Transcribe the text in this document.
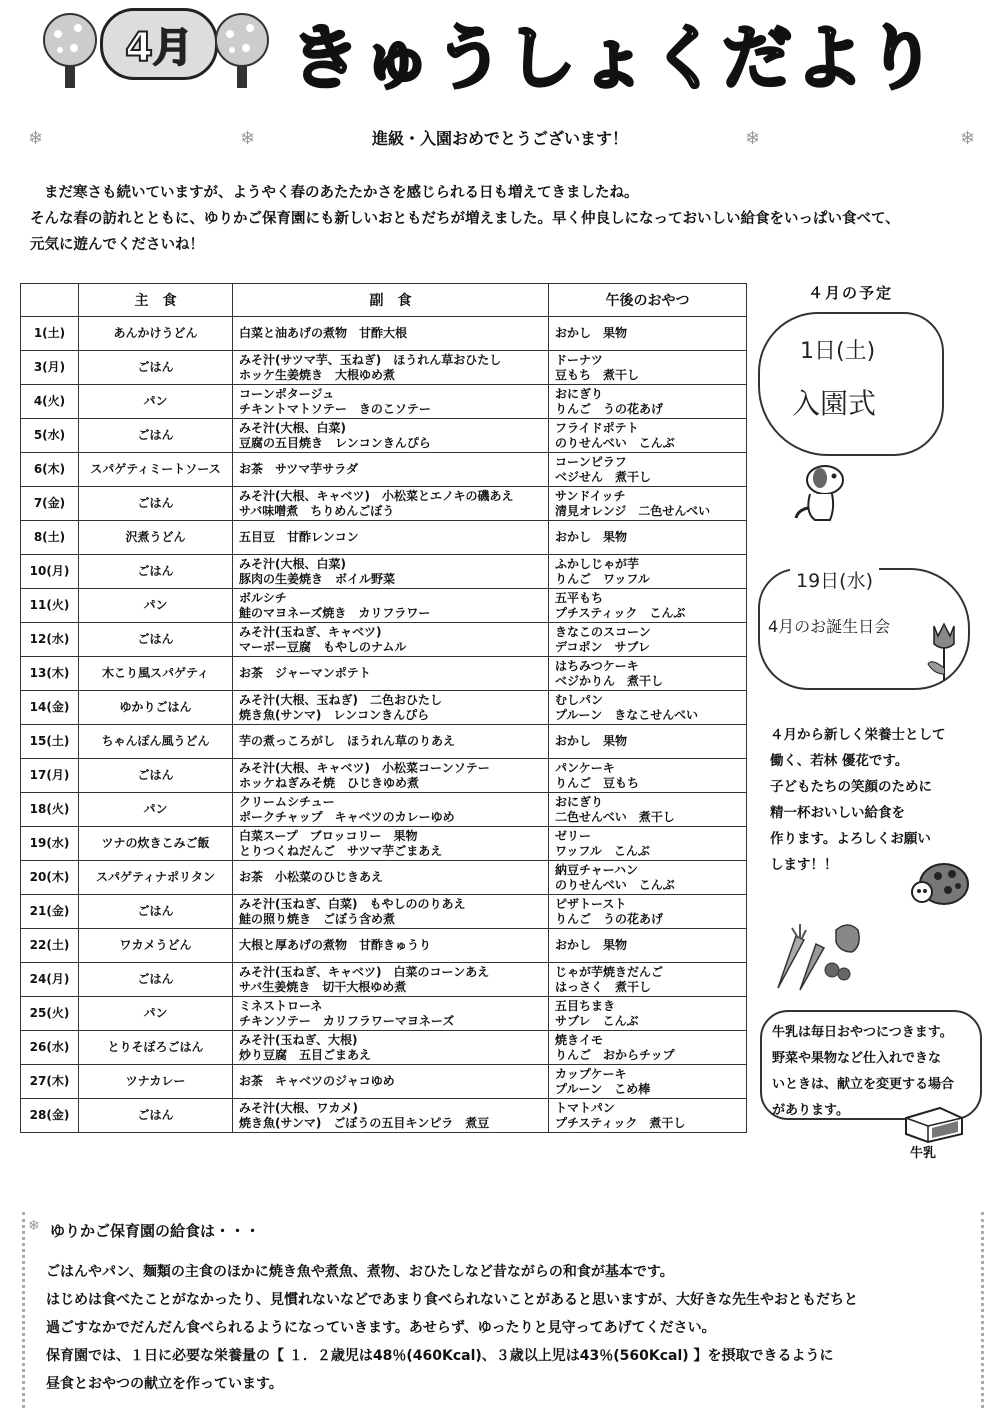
4月	きゅうしょくだより
❄	❄	❄	❄
進級・入園おめでとうございます！

まだ寒さも続いていますが、ようやく春のあたたかさを感じられる日も増えてきましたね。

そんな春の訪れとともに、ゆりかご保育園にも新しいおともだちが増えました。早く仲良しになっておいしい給食をいっぱい食べて、

元気に遊んでくださいね！

	主　食	副　食	午後のおやつ
1(土)	あんかけうどん	白菜と油あげの煮物　甘酢大根	おかし　果物

3(月)	ごはん	みそ汁(サツマ芋、玉ねぎ)　ほうれん草おひたし
ホッケ生姜焼き　大根ゆめ煮	ドーナツ
豆もち　煮干し

4(火)	パン	コーンポタージュ
チキントマトソテー　きのこソテー	おにぎり
りんご　うの花あげ

5(水)	ごはん	みそ汁(大根、白菜)
豆腐の五目焼き　レンコンきんぴら	フライドポテト
のりせんべい　こんぶ

6(木)	スパゲティミートソース	お茶　サツマ芋サラダ	コーンピラフ
ベジせん　煮干し

7(金)	ごはん	みそ汁(大根、キャベツ)　小松菜とエノキの磯あえ
サバ味噌煮　ちりめんごぼう	サンドイッチ
清見オレンジ　二色せんべい

8(土)	沢煮うどん	五目豆　甘酢レンコン	おかし　果物

10(月)	ごはん	みそ汁(大根、白菜)
豚肉の生姜焼き　ボイル野菜	ふかしじゃが芋
りんご　ワッフル

11(火)	パン	ボルシチ
鮭のマヨネーズ焼き　カリフラワー	五平もち
プチスティック　こんぶ

12(水)	ごはん	みそ汁(玉ねぎ、キャベツ)
マーボー豆腐　もやしのナムル	きなこのスコーン
デコポン　サブレ

13(木)	木こり風スパゲティ	お茶　ジャーマンポテト	はちみつケーキ
ベジかりん　煮干し

14(金)	ゆかりごはん	みそ汁(大根、玉ねぎ)　二色おひたし
焼き魚(サンマ)　レンコンきんぴら	むしパン
プルーン　きなこせんべい

15(土)	ちゃんぽん風うどん	芋の煮っころがし　ほうれん草のりあえ	おかし　果物

17(月)	ごはん	みそ汁(大根、キャベツ)　小松菜コーンソテー
ホッケねぎみそ焼　ひじきゆめ煮	パンケーキ
りんご　豆もち

18(火)	パン	クリームシチュー
ポークチャップ　キャベツのカレーゆめ	おにぎり
二色せんべい　煮干し

19(水)	ツナの炊きこみご飯	白菜スープ　ブロッコリー　果物
とりつくねだんご　サツマ芋ごまあえ	ゼリー
ワッフル　こんぶ

20(木)	スパゲティナポリタン	お茶　小松菜のひじきあえ	納豆チャーハン
のりせんべい　こんぶ

21(金)	ごはん	みそ汁(玉ねぎ、白菜)　もやしののりあえ
鮭の照り焼き　ごぼう含め煮	ピザトースト
りんご　うの花あげ

22(土)	ワカメうどん	大根と厚あげの煮物　甘酢きゅうり	おかし　果物

24(月)	ごはん	みそ汁(玉ねぎ、キャベツ)　白菜のコーンあえ
サバ生姜焼き　切干大根ゆめ煮	じゃが芋焼きだんご
はっさく　煮干し

25(火)	パン	ミネストローネ
チキンソテー　カリフラワーマヨネーズ	五目ちまき
サブレ　こんぶ

26(水)	とりそぼろごはん	みそ汁(玉ねぎ、大根)
炒り豆腐　五目ごまあえ	焼きイモ
りんご　おからチップ

27(木)	ツナカレー	お茶　キャベツのジャコゆめ	カップケーキ
プルーン　こめ棒

28(金)	ごはん	みそ汁(大根、ワカメ)
焼き魚(サンマ)　ごぼうの五目キンピラ　煮豆	トマトパン
プチスティック　煮干し
４月の予定
1日(土)
入園式
19日(水)
4月のお誕生日会

４月から新しく栄養士として

働く、若林 優花です。

子どもたちの笑顔のために

精一杯おいしい給食を

作ります。よろしくお願い

します！！

牛乳は毎日おやつにつきます。

野菜や果物など仕入れできな

いときは、献立を変更する場合

があります。

牛乳
❄ ゆりかご保育園の給食は・・・

ごはんやパン、麺類の主食のほかに焼き魚や煮魚、煮物、おひたしなど昔ながらの和食が基本です。

はじめは食べたことがなかったり、見慣れないなどであまり食べられないことがあると思いますが、大好きな先生やおともだちと

過ごすなかでだんだん食べられるようになっていきます。あせらず、ゆったりと見守ってあげてください。

保育園では、１日に必要な栄養量の【 １．２歳児は48％(460Kcal)、３歳以上児は43％(560Kcal) 】を摂取できるように

昼食とおやつの献立を作っています。
